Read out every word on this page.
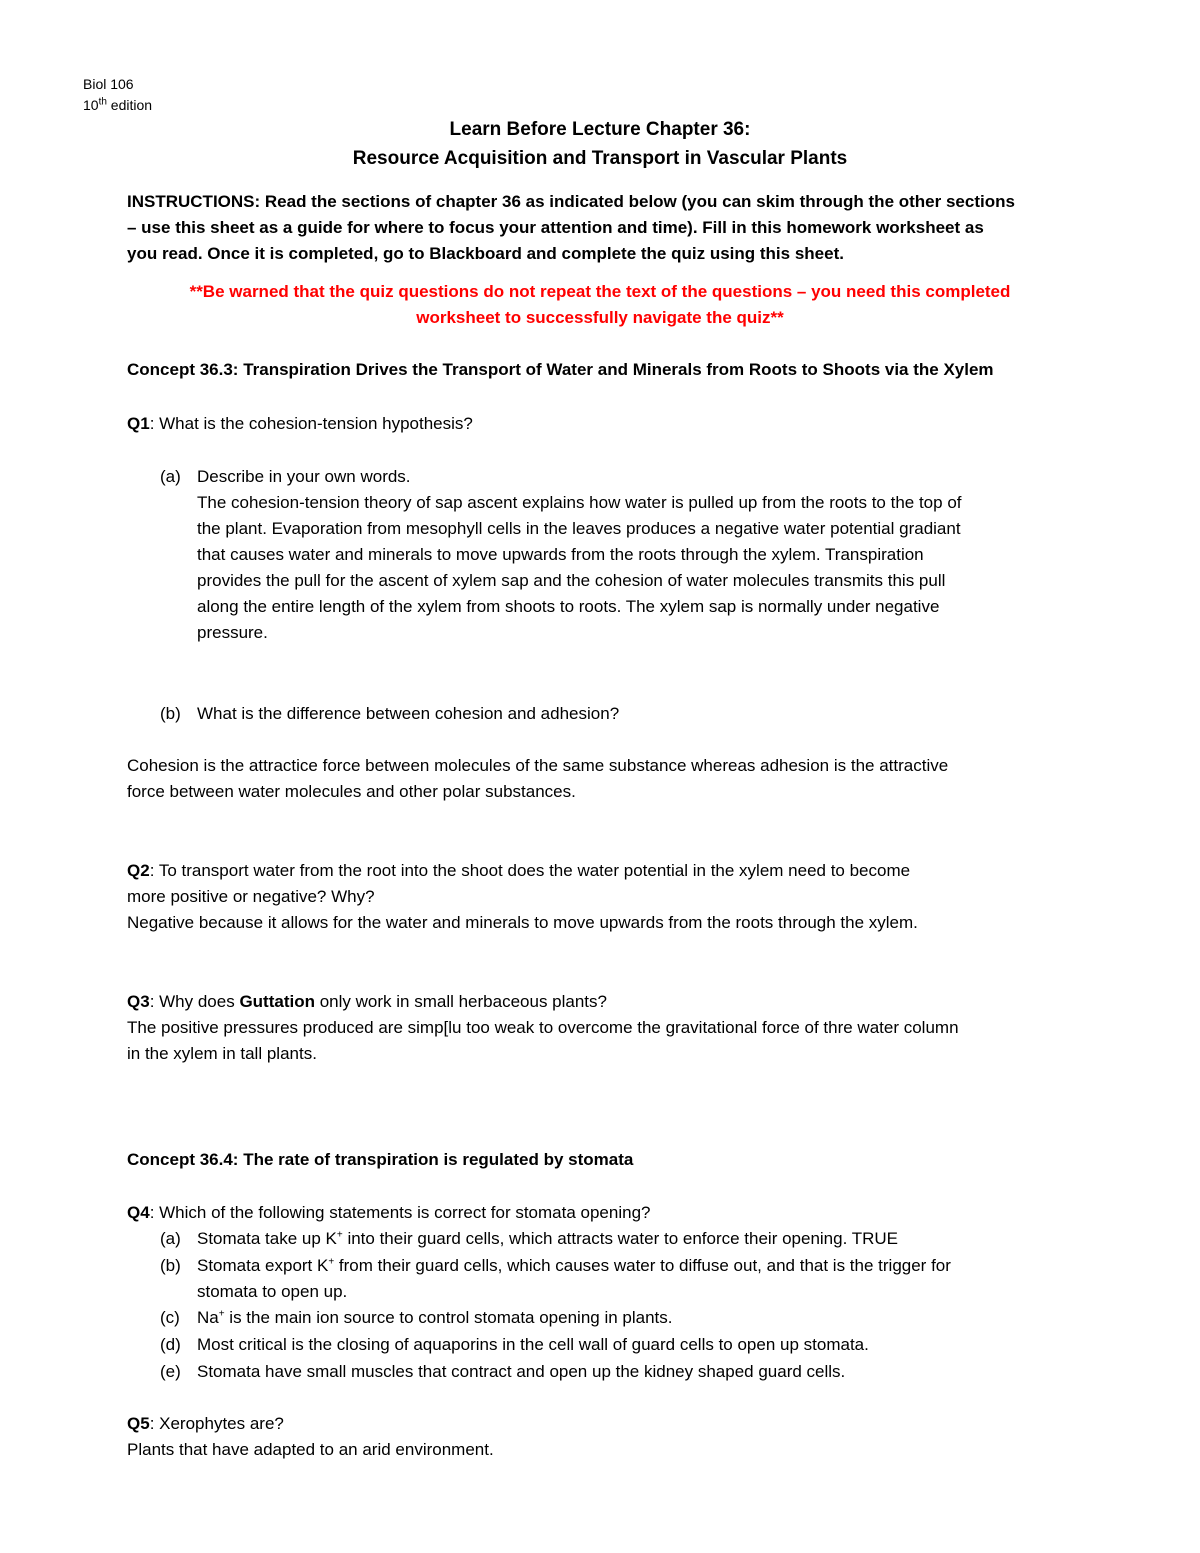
Biol 106
10th edition
Learn Before Lecture Chapter 36:
Resource Acquisition and Transport in Vascular Plants
INSTRUCTIONS: Read the sections of chapter 36 as indicated below (you can skim through the other sections
– use this sheet as a guide for where to focus your attention and time). Fill in this homework worksheet as
you read. Once it is completed, go to Blackboard and complete the quiz using this sheet.
**Be warned that the quiz questions do not repeat the text of the questions – you need this completed
worksheet to successfully navigate the quiz**
Concept 36.3: Transpiration Drives the Transport of Water and Minerals from Roots to Shoots via the Xylem
Q1: What is the cohesion-tension hypothesis?
(a) Describe in your own words.
The cohesion-tension theory of sap ascent explains how water is pulled up from the roots to the top of
the plant. Evaporation from mesophyll cells in the leaves produces a negative water potential gradiant
that causes water and minerals to move upwards from the roots through the xylem. Transpiration
provides the pull for the ascent of xylem sap and the cohesion of water molecules transmits this pull
along the entire length of the xylem from shoots to roots. The xylem sap is normally under negative
pressure.
(b) What is the difference between cohesion and adhesion?
Cohesion is the attractice force between molecules of the same substance whereas adhesion is the attractive
force between water molecules and other polar substances.
Q2: To transport water from the root into the shoot does the water potential in the xylem need to become
more positive or negative? Why?
Negative because it allows for the water and minerals to move upwards from the roots through the xylem.
Q3: Why does Guttation only work in small herbaceous plants?
The positive pressures produced are simp[lu too weak to overcome the gravitational force of thre water column
in the xylem in tall plants.
Concept 36.4: The rate of transpiration is regulated by stomata
Q4: Which of the following statements is correct for stomata opening?
(a) Stomata take up K+ into their guard cells, which attracts water to enforce their opening. TRUE
(b) Stomata export K+ from their guard cells, which causes water to diffuse out, and that is the trigger for
stomata to open up.
(c) Na+ is the main ion source to control stomata opening in plants.
(d) Most critical is the closing of aquaporins in the cell wall of guard cells to open up stomata.
(e) Stomata have small muscles that contract and open up the kidney shaped guard cells.
Q5: Xerophytes are?
Plants that have adapted to an arid environment.
